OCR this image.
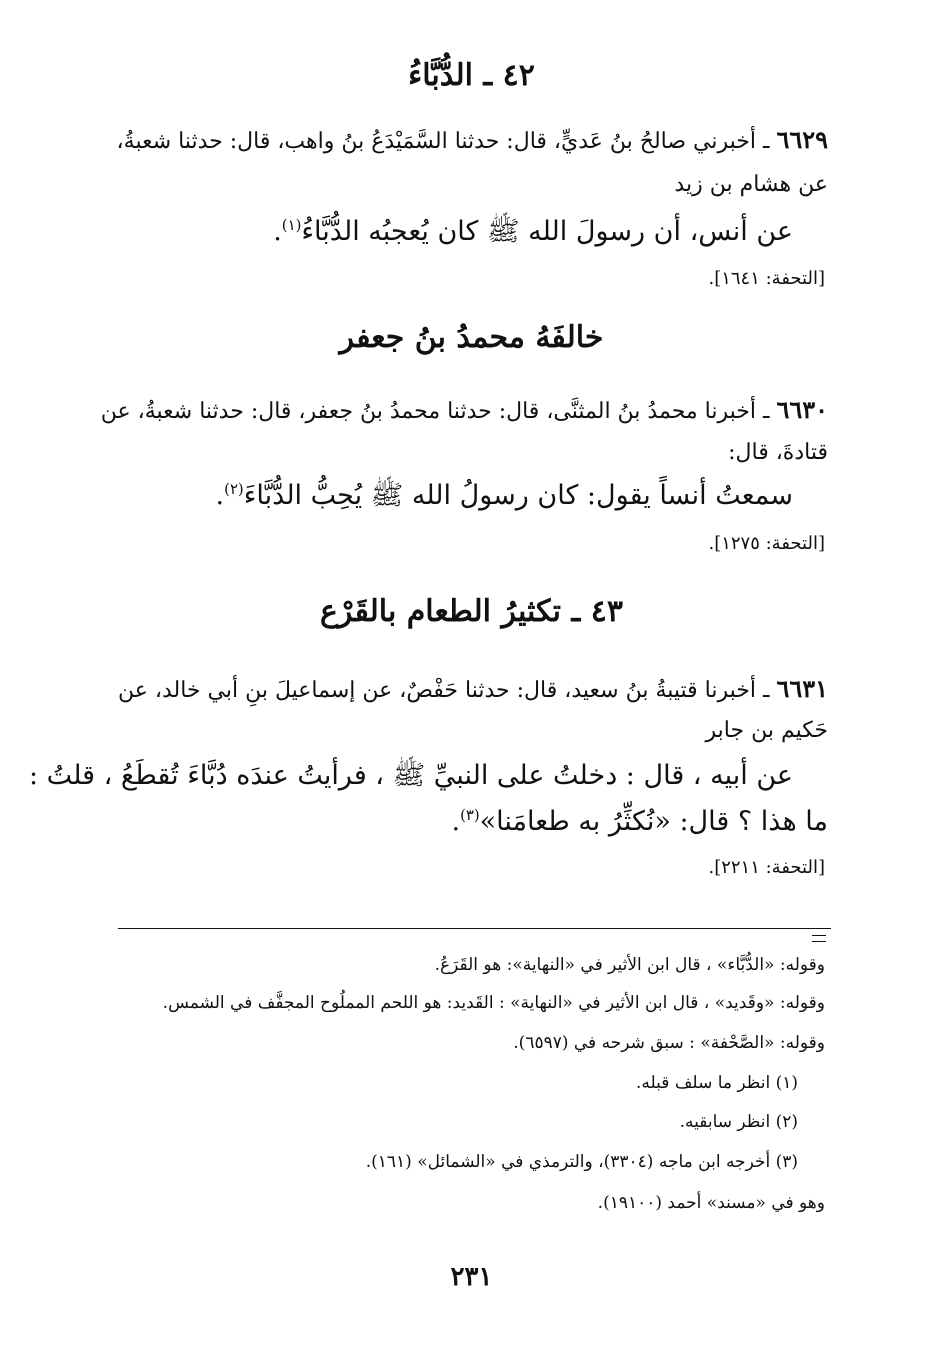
٤٢ ـ الدُّبَّاءُ
٦٦٢٩ ـ أخبرني صالحُ بنُ عَديٍّ، قال: حدثنا السَّمَيْدَعُ بنُ واهب، قال: حدثنا شعبةُ،
عن هشام بن زيد
عن أنس، أن رسولَ الله ﷺ كان يُعجبُه الدُّبَّاءُ$^{(١)}$.
[التحفة: ١٦٤١].
خالفَهُ محمدُ بنُ جعفر
٦٦٣٠ ـ أخبرنا محمدُ بنُ المثنَّى، قال: حدثنا محمدُ بنُ جعفر، قال: حدثنا شعبةُ، عن
قتادةَ، قال:
سمعتُ أنساً يقول: كان رسولُ الله ﷺ يُحِبُّ الدُّبَّاءَ$^{(٢)}$.
[التحفة: ١٢٧٥].
٤٣ ـ تكثيرُ الطعام بالقَرْع
٦٦٣١ ـ أخبرنا قتيبةُ بنُ سعيد، قال: حدثنا حَفْصٌ، عن إسماعيلَ بنِ أبي خالد، عن
حَكيم بن جابر
عن أبيه ، قال : دخلتُ على النبيِّ ﷺ ، فرأيتُ عندَه دُبَّاءَ تُقطَعُ ، قلتُ :
ما هذا ؟ قال: «نُكثِّرُ به طعامَنا»$^{(٣)}$.
[التحفة: ٢٢١١].
وقوله: «الدُّبَّاء» ، قال ابن الأثير في «النهاية»: هو القَرَعُ.
وقوله: «وقَديد» ، قال ابن الأثير في «النهاية» : القَديد: هو اللحم المملُوح المجفَّف في الشمس.
وقوله: «الصَّحْفة» : سبق شرحه في (٦٥٩٧).
(١) انظر ما سلف قبله.
(٢) انظر سابقيه.
(٣) أخرجه ابن ماجه (٣٣٠٤)، والترمذي في «الشمائل» (١٦١).
وهو في «مسند» أحمد (١٩١٠٠).
٢٣١
